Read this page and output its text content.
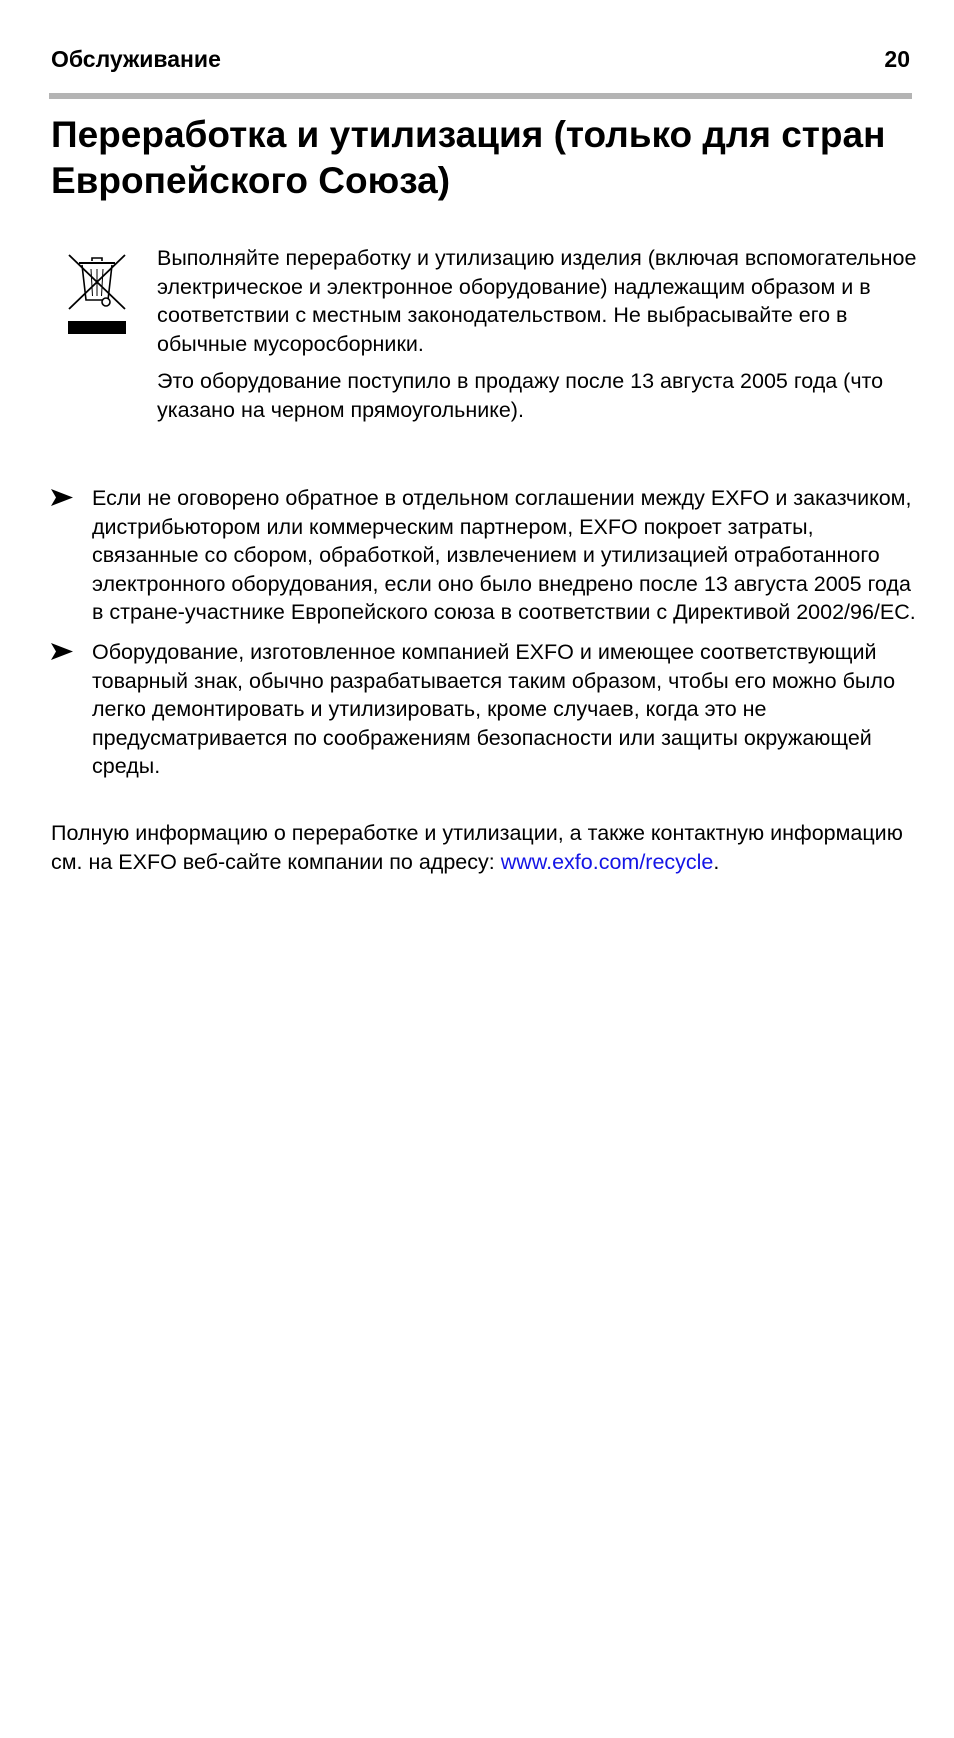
Обслуживание	20
Переработка и утилизация (только для стран Европейского Союза)

Выполняйте переработку и утилизацию изделия (включая вспомогательное электрическое и электронное оборудование) надлежащим образом и в соответствии с местным законодательством. Не выбрасывайте его в обычные мусоросборники.

Это оборудование поступило в продажу после 13 августа 2005 года (что указано на черном прямоугольнике).

Если не оговорено обратное в отдельном соглашении между EXFO и заказчиком, дистрибьютором или коммерческим партнером, EXFO покроет затраты, связанные со сбором, обработкой, извлечением и утилизацией отработанного электронного оборудования, если оно было внедрено после 13 августа 2005 года в стране-участнике Европейского союза в соответствии с Директивой 2002/96/EC.
Оборудование, изготовленное компанией EXFO и имеющее соответствующий товарный знак, обычно разрабатывается таким образом, чтобы его можно было легко демонтировать и утилизировать, кроме случаев, когда это не предусматривается по соображениям безопасности или защиты окружающей среды.

Полную информацию о переработке и утилизации, а также контактную информацию см. на EXFO веб-сайте компании по адресу: www.exfo.com/recycle.
